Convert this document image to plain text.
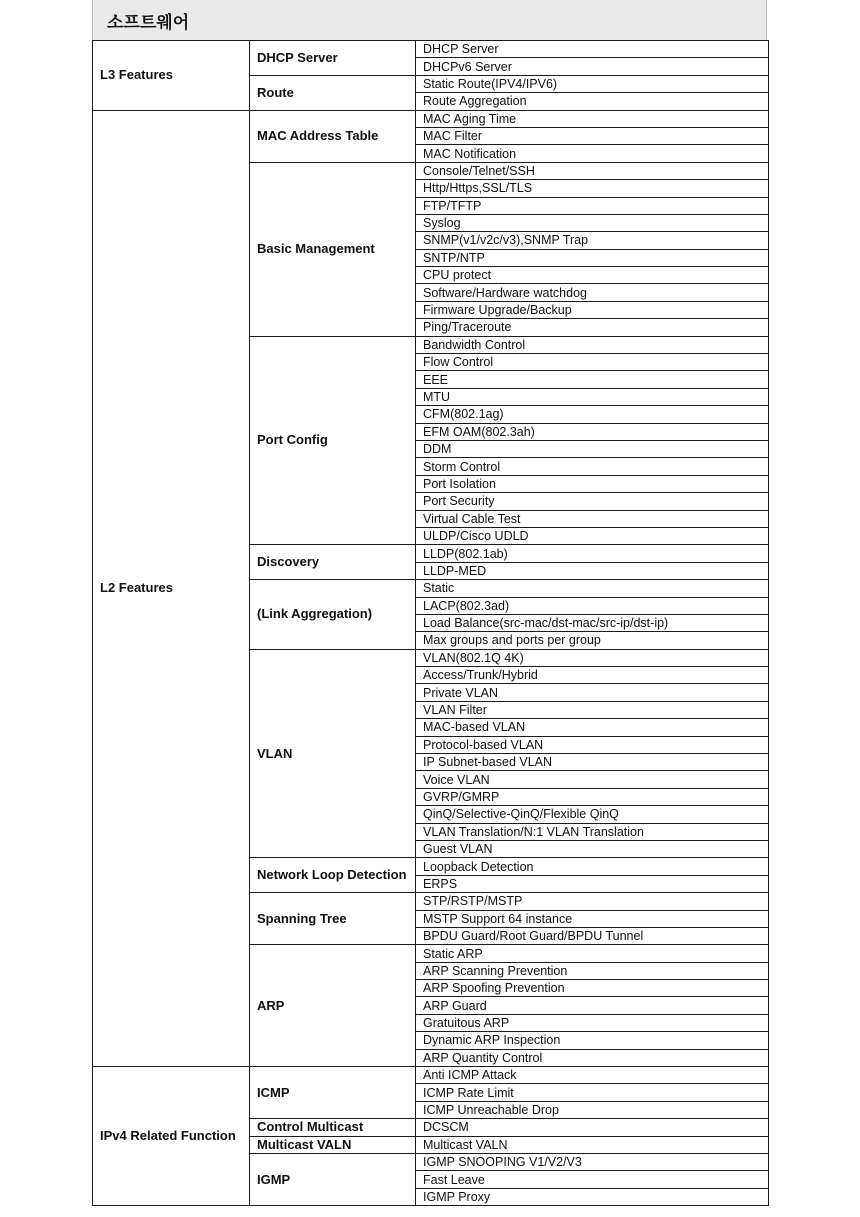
소프트웨어
L3 Features	DHCP Server	DHCP Server
		DHCPv6 Server
	Route	Static Route(IPV4/IPV6)
		Route Aggregation
L2 Features	MAC Address Table	MAC Aging Time
		MAC Filter
		MAC Notification
	Basic Management	Console/Telnet/SSH
		Http/Https,SSL/TLS
		FTP/TFTP
		Syslog
		SNMP(v1/v2c/v3),SNMP Trap
		SNTP/NTP
		CPU protect
		Software/Hardware watchdog
		Firmware Upgrade/Backup
		Ping/Traceroute
	Port Config	Bandwidth Control
		Flow Control
		EEE
		MTU
		CFM(802.1ag)
		EFM OAM(802.3ah)
		DDM
		Storm Control
		Port Isolation
		Port Security
		Virtual Cable Test
		ULDP/Cisco UDLD
	Discovery	LLDP(802.1ab)
		LLDP-MED
	(Link Aggregation)	Static
		LACP(802.3ad)
		Load Balance(src-mac/dst-mac/src-ip/dst-ip)
		Max groups and ports per group
	VLAN	VLAN(802.1Q 4K)
		Access/Trunk/Hybrid
		Private VLAN
		VLAN Filter
		MAC-based VLAN
		Protocol-based VLAN
		IP Subnet-based VLAN
		Voice VLAN
		GVRP/GMRP
		QinQ/Selective-QinQ/Flexible QinQ
		VLAN Translation/N:1 VLAN Translation
		Guest VLAN
	Network Loop Detection	Loopback Detection
		ERPS
	Spanning Tree	STP/RSTP/MSTP
		MSTP Support 64 instance
		BPDU Guard/Root Guard/BPDU Tunnel
	ARP	Static ARP
		ARP Scanning Prevention
		ARP Spoofing Prevention
		ARP Guard
		Gratuitous ARP
		Dynamic ARP Inspection
		ARP Quantity Control
IPv4 Related Function	ICMP	Anti ICMP Attack
		ICMP Rate Limit
		ICMP Unreachable Drop
	Control Multicast	DCSCM
	Multicast VALN	Multicast VALN
	IGMP	IGMP SNOOPING V1/V2/V3
		Fast Leave
		IGMP Proxy
